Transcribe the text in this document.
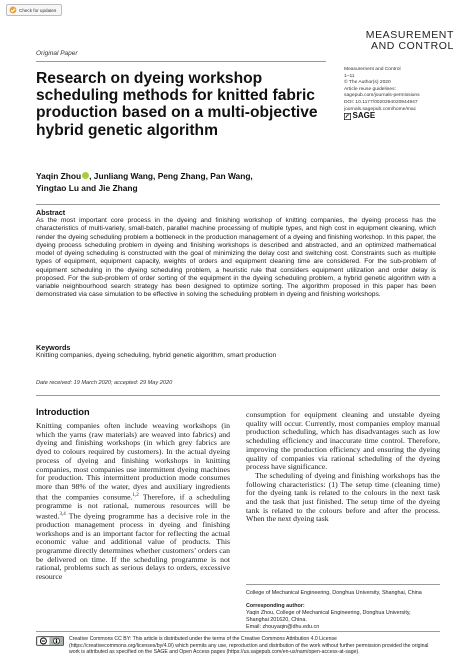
Check for updates
MEASUREMENT
AND CONTROL
Original Paper
Research on dyeing workshop scheduling methods for knitted fabric production based on a multi-objective hybrid genetic algorithm
Measurement and Control
1–11
© The Author(s) 2020
Article reuse guidelines:
sagepub.com/journals-permissions
DOI: 10.1177/0020294020944947
journals.sagepub.com/home/mac
SAGE
Yaqin Zhou , Junliang Wang, Peng Zhang, Pan Wang,
Yingtao Lu and Jie Zhang
Abstract
As the most important core process in the dyeing and finishing workshop of knitting companies, the dyeing process has the characteristics of multi-variety, small-batch, parallel machine processing of multiple types, and high cost in equipment cleaning, which render the dyeing scheduling problem a bottleneck in the production management of a dyeing and finishing workshop. In this paper, the dyeing process scheduling problem in dyeing and finishing workshops is described and abstracted, and an optimized mathematical model of dyeing scheduling is constructed with the goal of minimizing the delay cost and switching cost. Constraints such as multiple types of equipment, equipment capacity, weights of orders and equipment cleaning time are considered. For the sub-problem of equipment scheduling in the dyeing scheduling problem, a heuristic rule that considers equipment utilization and order delay is proposed. For the sub-problem of order sorting of the equipment in the dyeing scheduling problem, a hybrid genetic algorithm with a variable neighbourhood search strategy has been designed to optimize sorting. The algorithm proposed in this paper has been demonstrated via case simulation to be effective in solving the scheduling problem in dyeing and finishing workshops.
Keywords
Knitting companies, dyeing scheduling, hybrid genetic algorithm, smart production
Date received: 19 March 2020; accepted: 29 May 2020
Introduction

Knitting companies often include weaving workshops (in which the yarns (raw materials) are weaved into fabrics) and dyeing and finishing workshops (in which grey fabrics are dyed to colours required by customers). In the actual dyeing process of dyeing and finishing workshops in knitting companies, most companies use intermittent dyeing machines for production. This intermittent production mode consumes more than 98% of the water, dyes and auxiliary ingredients that the companies consume.$^{1,2}$ Therefore, if a scheduling programme is not rational, numerous resources will be wasted.$^{3,4}$ The dyeing programme has a decisive role in the production management process in dyeing and finishing workshops and is an important factor for reflecting the actual economic value and additional value of products. This programme directly determines whether customers’ orders can be delivered on time. If the scheduling programme is not rational, problems such as serious delays to orders, excessive resource

consumption for equipment cleaning and unstable dyeing quality will occur. Currently, most companies employ manual production scheduling, which has disadvantages such as low scheduling efficiency and inaccurate time control. Therefore, improving the production efficiency and ensuring the dyeing quality of companies via rational scheduling of the dyeing process have significance.

The scheduling of dyeing and finishing workshops has the following characteristics: (1) The setup time (cleaning time) for the dyeing tank is related to the colours in the next task and the task that just finished. The setup time of the dyeing tank is related to the colours before and after the process. When the next dyeing task

College of Mechanical Engineering, Donghua University, Shanghai, China
Corresponding author:
Yaqin Zhou, College of Mechanical Engineering, Donghua University,
Shanghai 201620, China.
Email: zhouyaqin@dhu.edu.cn
cc	Creative Commons CC BY: This article is distributed under the terms of the Creative Commons Attribution 4.0 License (https://creativecommons.org/licenses/by/4.0/) which permits any use, reproduction and distribution of the work without further permission provided the original work is attributed as specified on the SAGE and Open Access pages (https://us.sagepub.com/en-us/nam/open-access-at-sage).
